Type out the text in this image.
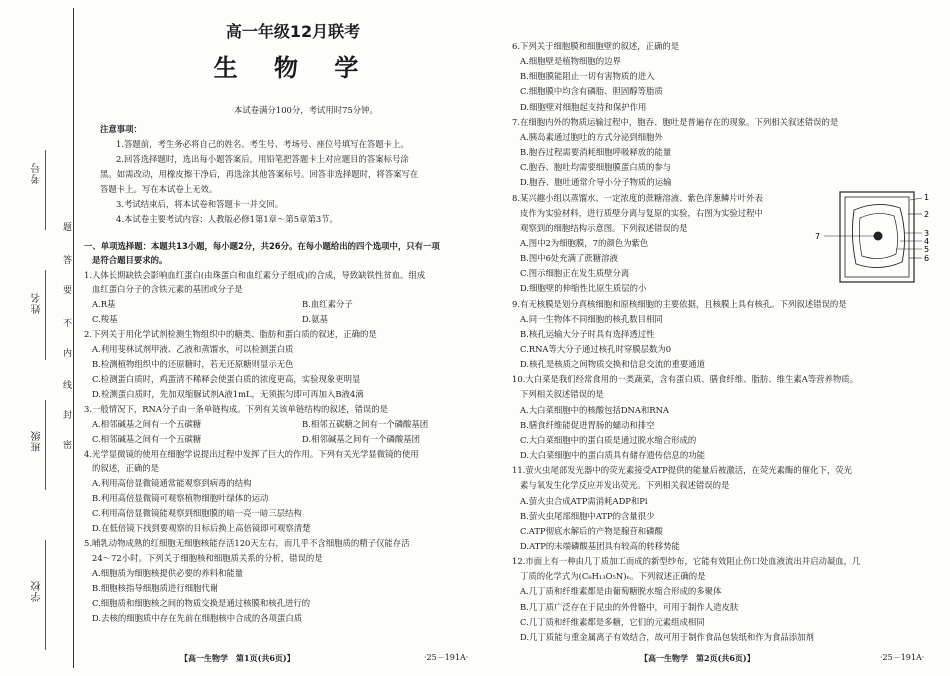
考号
姓名
班级
学校
题
答
要
不
内
线
封
密
高一年级12月联考
生 物 学
本试卷满分100分，考试用时75分钟。
注意事项：
1.答题前，考生务必将自己的姓名、考生号、考场号、座位号填写在答题卡上。
2.回答选择题时，选出每小题答案后，用铅笔把答题卡上对应题目的答案标号涂
黑。如需改动，用橡皮擦干净后，再选涂其他答案标号。回答非选择题时，将答案写在
答题卡上。写在本试卷上无效。
3.考试结束后，将本试卷和答题卡一并交回。
4.本试卷主要考试内容：人教版必修1第1章～第5章第3节。
一、单项选择题：本题共13小题，每小题2分，共26分。在每小题给出的四个选项中，只有一项
是符合题目要求的。
1.人体长期缺铁会影响血红蛋白(由珠蛋白和血红素分子组成)的合成，导致缺铁性贫血。组成
血红蛋白分子的含铁元素的基团或分子是
A.R基	B.血红素分子
C.羧基	D.氨基
2.下列关于用化学试剂检测生物组织中的糖类、脂肪和蛋白质的叙述，正确的是
A.利用斐林试剂甲液、乙液和蒸馏水，可以检测蛋白质
B.检测植物组织中的还原糖时，若无还原糖则显示无色
C.检测蛋白质时，鸡蛋清不稀释会使蛋白质的浓度更高，实验现象更明显
D.检测蛋白质时，先加双缩脲试剂A液1mL，无须振匀即可再加入B液4滴
3.一般情况下，RNA分子由一条单链构成。下列有关该单链结构的叙述，错误的是
A.相邻碱基之间有一个五碳糖	B.相邻五碳糖之间有一个磷酸基团
C.相邻碱基之间有一个五碳糖	D.相邻碱基之间有一个磷酸基团
4.光学显微镜的使用在细胞学说提出过程中发挥了巨大的作用。下列有关光学显微镜的使用
的叙述，正确的是
A.利用高倍显微镜通常能观察到病毒的结构
B.利用高倍显微镜可观察植物细胞叶绿体的运动
C.利用高倍显微镜能观察到细胞膜的暗一亮一暗三层结构
D.在低倍镜下找到要观察的目标后换上高倍镜即可观察清楚
5.哺乳动物成熟的红细胞无细胞核能存活120天左右，而几乎不含细胞质的精子仅能存活
24～72小时。下列关于细胞核和细胞质关系的分析，错误的是
A.细胞质为细胞核提供必要的养料和能量
B.细胞核指导细胞质进行细胞代谢
C.细胞质和细胞核之间的物质交换是通过核膜和核孔进行的
D.去核的细胞质中存在先前在细胞核中合成的各项蛋白质
【高一生物学　第1页(共6页)】	·25－191A·
6.下列关于细胞膜和细胞壁的叙述，正确的是
A.细胞壁是植物细胞的边界
B.细胞膜能阻止一切有害物质的进入
C.细胞膜中均含有磷脂、胆固醇等脂质
D.细胞壁对细胞起支持和保护作用
7.在细胞内外的物质运输过程中，胞吞、胞吐是普遍存在的现象。下列相关叙述错误的是
A.胰岛素通过胞吐的方式分泌到细胞外
B.胞吞过程需要消耗细胞呼吸释放的能量
C.胞吞、胞吐均需要细胞膜蛋白质的参与
D.胞吞、胞吐通常介导小分子物质的运输
8.某兴趣小组以蒸馏水、一定浓度的蔗糖溶液、紫色洋葱鳞片叶外表
皮作为实验材料，进行质壁分离与复原的实验，右图为实验过程中
观察到的细胞结构示意图。下列叙述错误的是
A.图中2为细胞膜，7的颜色为紫色
B.图中6处充满了蔗糖溶液
C.图示细胞正在发生质壁分离
D.细胞壁的伸缩性比原生质层的小
9.有无核膜是划分真核细胞和原核细胞的主要依据，且核膜上具有核孔。下列叙述错误的是
A.同一生物体不同细胞的核孔数目相同
B.核孔运输大分子时具有选择透过性
C.RNA等大分子通过核孔时穿膜层数为0
D.核孔是核质之间物质交换和信息交流的重要通道
10.大白菜是我们经常食用的一类蔬菜，含有蛋白质、膳食纤维、脂肪、维生素A等营养物质。
下列相关叙述错误的是
A.大白菜细胞中的核酸包括DNA和RNA
B.膳食纤维能促进胃肠的蠕动和排空
C.大白菜细胞中的蛋白质是通过脱水缩合形成的
D.大白菜细胞中的蛋白质具有储存遗传信息的功能
11.萤火虫尾部发光器中的荧光素接受ATP提供的能量后被激活，在荧光素酶的催化下，荧光
素与氧发生化学反应并发出荧光。下列相关叙述错误的是
A.萤火虫合成ATP需消耗ADP和Pi
B.萤火虫尾部细胞中ATP的含量很少
C.ATP彻底水解后的产物是腺苷和磷酸
D.ATP的末端磷酸基团具有较高的转移势能
12.市面上有一种由几丁质加工而成的新型纱布，它能有效阻止伤口处血液流出并启动凝血，几
丁质的化学式为(C₈H₁₃O₅N)ₙ。下列叙述正确的是
A.几丁质和纤维素都是由葡萄糖脱水缩合形成的多聚体
B.几丁质广泛存在于昆虫的外骨骼中，可用于制作人造皮肤
C.几丁质和纤维素都是多糖，它们的元素组成相同
D.几丁质能与重金属离子有效结合，故可用于制作食品包装纸和作为食品添加剂
1
2
3
4
5
6
7
【高一生物学　第2页(共6页)】	·25－191A·
